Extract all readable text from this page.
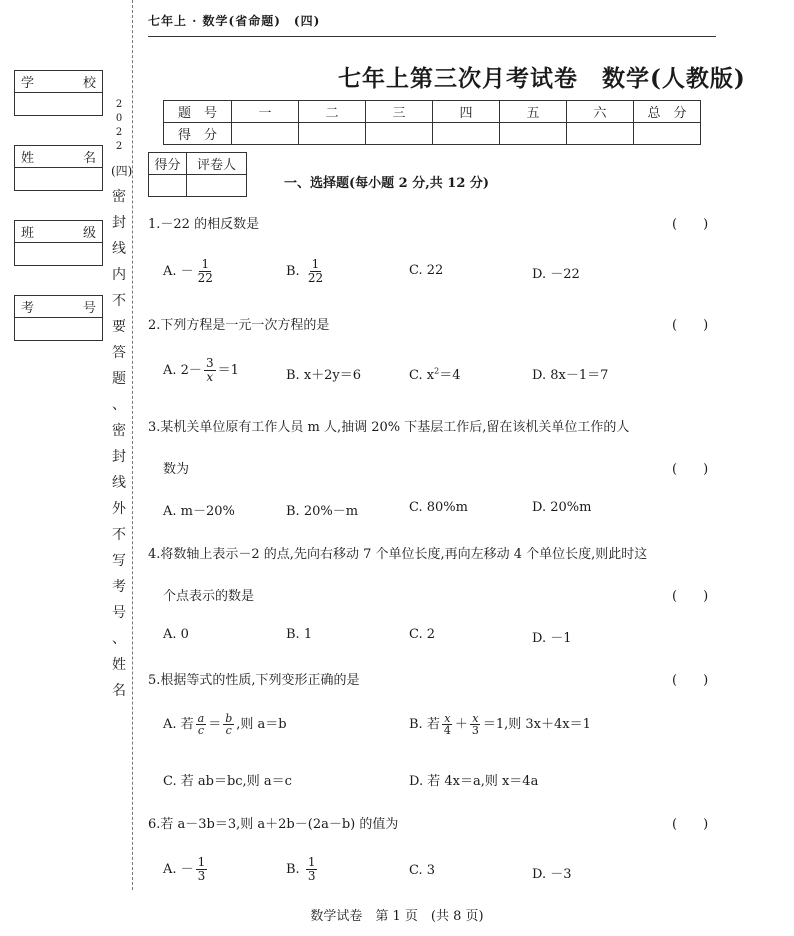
七年上 · 数学(省命题)　(四)
学	校
姓	名
班	级
考	号
2
0
2
2
(四)
密
封
线
内
不
要
答
题
、
密
封
线
外
不
写
考
号
、
姓
名
七年上第三次月考试卷　数学(人教版)
题　号	一	二	三	四	五	六	总　分
得　分							
得分	评卷人

一、选择题(每小题 2 分,共 12 分)
1.－22 的相反数是	(　　)
A. － $\frac{1}{22}$	B. $\frac{1}{22}$	C. 22	D. －22
2.下列方程是一元一次方程的是	(　　)
A. $2- \frac{3}{x} =1$	B. x＋2y＝6	C. $x^2=4$	D. 8x－1＝7
3.某机关单位原有工作人员 m 人,抽调 20% 下基层工作后,留在该机关单位工作的人
数为	(　　)
A. m－20%	B. 20%－m	C. 80%m	D. 20%m
4.将数轴上表示－2 的点,先向右移动 7 个单位长度,再向左移动 4 个单位长度,则此时这
个点表示的数是	(　　)
A. 0	B. 1	C. 2	D. －1
5.根据等式的性质,下列变形正确的是	(　　)
A. 若 $\frac{a}{c} = \frac{b}{c}$ ,则 a＝b	B. 若 $\frac{x}{4} + \frac{x}{3} =1$,则 3x＋4x＝1
C. 若 ab＝bc,则 a＝c	D. 若 4x＝a,则 x＝4a
6.若 a－3b＝3,则 a＋2b－(2a－b) 的值为	(　　)
A. － $\frac{1}{3}$	B. $\frac{1}{3}$	C. 3	D. －3
数学试卷　第 1 页　(共 8 页)
